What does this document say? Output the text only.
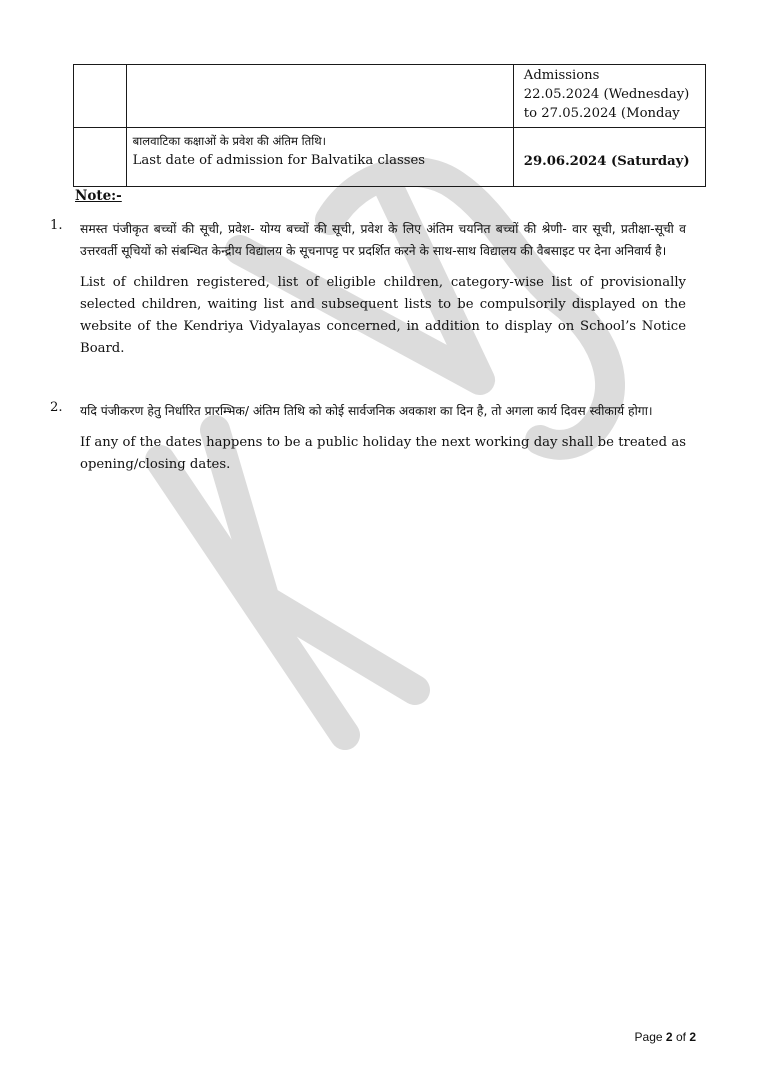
		Admissions
22.05.2024 (Wednesday)
to 27.05.2024 (Monday

	बालवाटिका कक्षाओं के प्रवेश की अंतिम तिथि।
Last date of admission for Balvatika classes	29.06.2024 (Saturday)
Note:-
1. समस्त पंजीकृत बच्चों की सूची, प्रवेश- योग्य बच्चों की सूची, प्रवेश के लिए अंतिम चयनित बच्चों की श्रेणी- वार सूची, प्रतीक्षा-सूची व उत्तरवर्ती सूचियों को संबन्धित केन्द्रीय विद्यालय के सूचनापट्ट पर प्रदर्शित करने के साथ-साथ विद्यालय की वैबसाइट पर देना अनिवार्य है।
List of children registered, list of eligible children, category-wise list of provisionally selected children, waiting list and subsequent lists to be compulsorily displayed on the website of the Kendriya Vidyalayas concerned, in addition to display on School’s Notice Board.
2. यदि पंजीकरण हेतु निर्धारित प्रारम्भिक/ अंतिम तिथि को कोई सार्वजनिक अवकाश का दिन है, तो अगला कार्य दिवस स्वीकार्य होगा।
If any of the dates happens to be a public holiday the next working day shall be treated as opening/closing dates.
Page 2 of 2
